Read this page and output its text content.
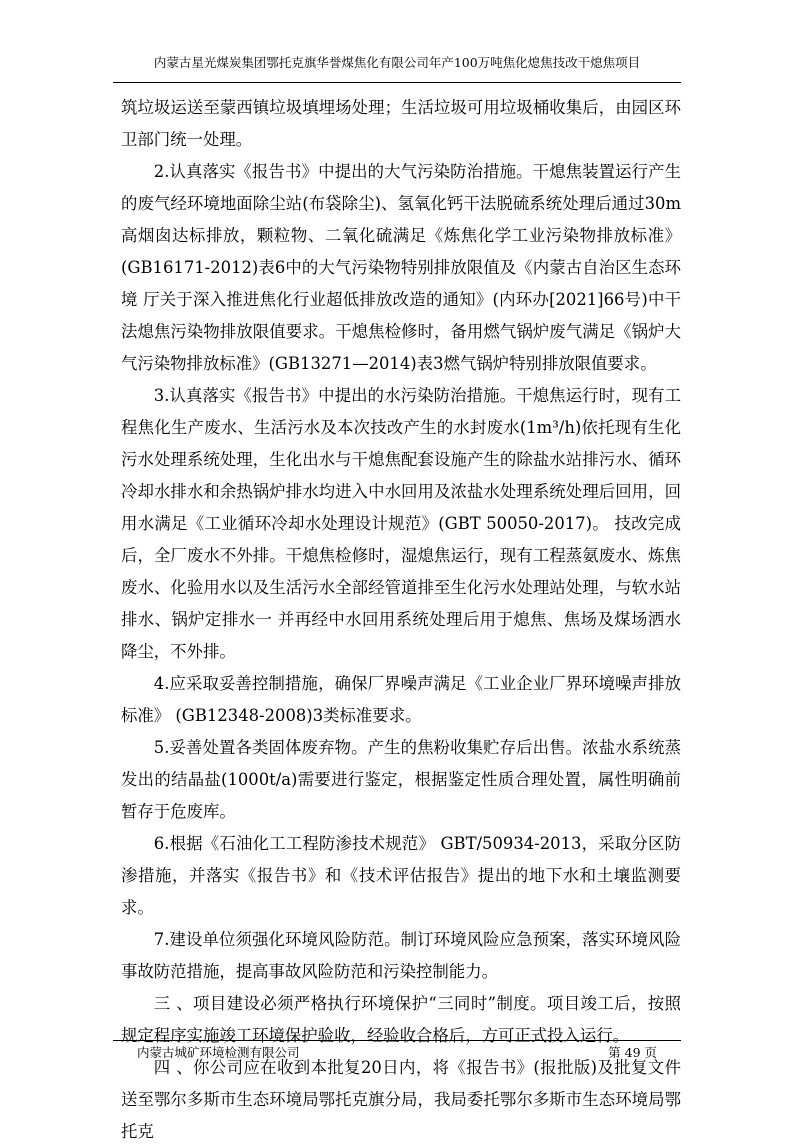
内蒙古星光煤炭集团鄂托克旗华誉煤焦化有限公司年产100万吨焦化熄焦技改干熄焦项目

筑垃圾运送至蒙西镇垃圾填埋场处理；生活垃圾可用垃圾桶收集后，由园区环卫部门统一处理。

2.认真落实《报告书》中提出的大气污染防治措施。干熄焦装置运行产生的废气经环境地面除尘站(布袋除尘)、氢氧化钙干法脱硫系统处理后通过30m高烟囱达标排放，颗粒物、二氧化硫满足《炼焦化学工业污染物排放标准》(GB16171-2012)表6中的大气污染物特别排放限值及《内蒙古自治区生态环境 厅关于深入推进焦化行业超低排放改造的通知》(内环办[2021]66号)中干法熄焦污染物排放限值要求。干熄焦检修时，备用燃气锅炉废气满足《锅炉大气污染物排放标准》(GB13271—2014)表3燃气锅炉特别排放限值要求。

3.认真落实《报告书》中提出的水污染防治措施。干熄焦运行时，现有工程焦化生产废水、生活污水及本次技改产生的水封废水(1m³/h)依托现有生化污水处理系统处理，生化出水与干熄焦配套设施产生的除盐水站排污水、循环冷却水排水和余热锅炉排水均进入中水回用及浓盐水处理系统处理后回用，回用水满足《工业循环冷却水处理设计规范》(GBT 50050-2017)。 技改完成后，全厂废水不外排。干熄焦检修时，湿熄焦运行，现有工程蒸氨废水、炼焦废水、化验用水以及生活污水全部经管道排至生化污水处理站处理，与软水站排水、锅炉定排水一 并再经中水回用系统处理后用于熄焦、焦场及煤场洒水降尘，不外排。

4.应采取妥善控制措施，确保厂界噪声满足《工业企业厂界环境噪声排放标准》 (GB12348-2008)3类标准要求。

5.妥善处置各类固体废弃物。产生的焦粉收集贮存后出售。浓盐水系统蒸发出的结晶盐(1000t/a)需要进行鉴定，根据鉴定性质合理处置，属性明确前暂存于危废库。

6.根据《石油化工工程防渗技术规范》 GBT/50934-2013，采取分区防渗措施，并落实《报告书》和《技术评估报告》提出的地下水和土壤监测要求。

7.建设单位须强化环境风险防范。制订环境风险应急预案，落实环境风险事故防范措施，提高事故风险防范和污染控制能力。

三 、项目建设必须严格执行环境保护“三同时”制度。项目竣工后，按照规定程序实施竣工环境保护验收，经验收合格后，方可正式投入运行。

四 、你公司应在收到本批复20日内，将《报告书》(报批版)及批复文件送至鄂尔多斯市生态环境局鄂托克旗分局，我局委托鄂尔多斯市生态环境局鄂托克

内蒙古城矿环境检测有限公司	第 49 页
